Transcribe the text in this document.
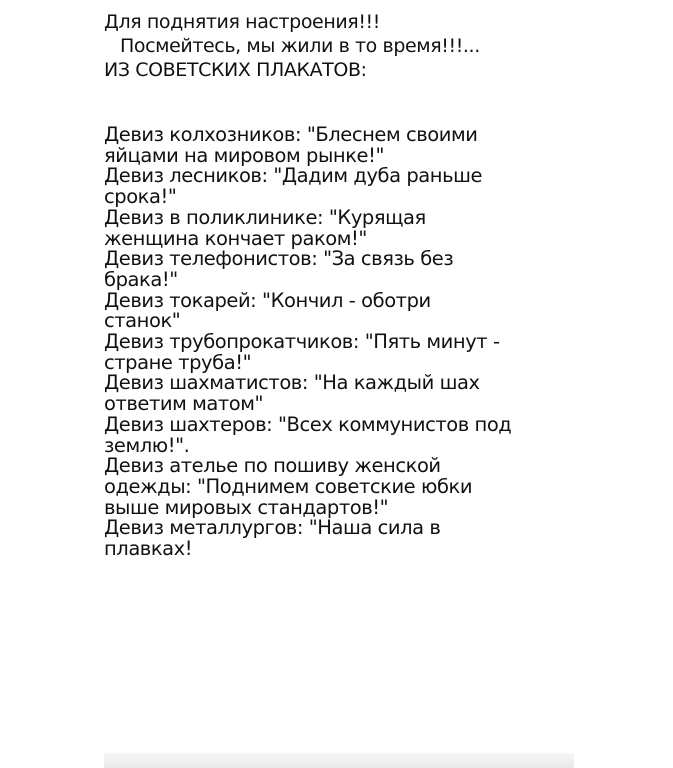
Для поднятия настроения!!!
Посмейтесь, мы жили в то время!!!...
ИЗ СОВЕТСКИХ ПЛАКАТОВ:
Девиз колхозников: "Блеснем своими
яйцами на мировом рынке!"
Девиз лесников: "Дадим дуба раньше
срока!"
Девиз в поликлинике: "Курящая
женщина кончает раком!"
Девиз телефонистов: "За связь без
брака!"
Девиз токарей: "Кончил - оботри
станок"
Девиз трубопрокатчиков: "Пять минут -
стране труба!"
Девиз шахматистов: "На каждый шах
ответим матом"
Девиз шахтеров: "Всех коммунистов под
землю!".
Девиз ателье по пошиву женской
одежды: "Поднимем советские юбки
выше мировых стандартов!"
Девиз металлургов: "Наша сила в
плавках!
